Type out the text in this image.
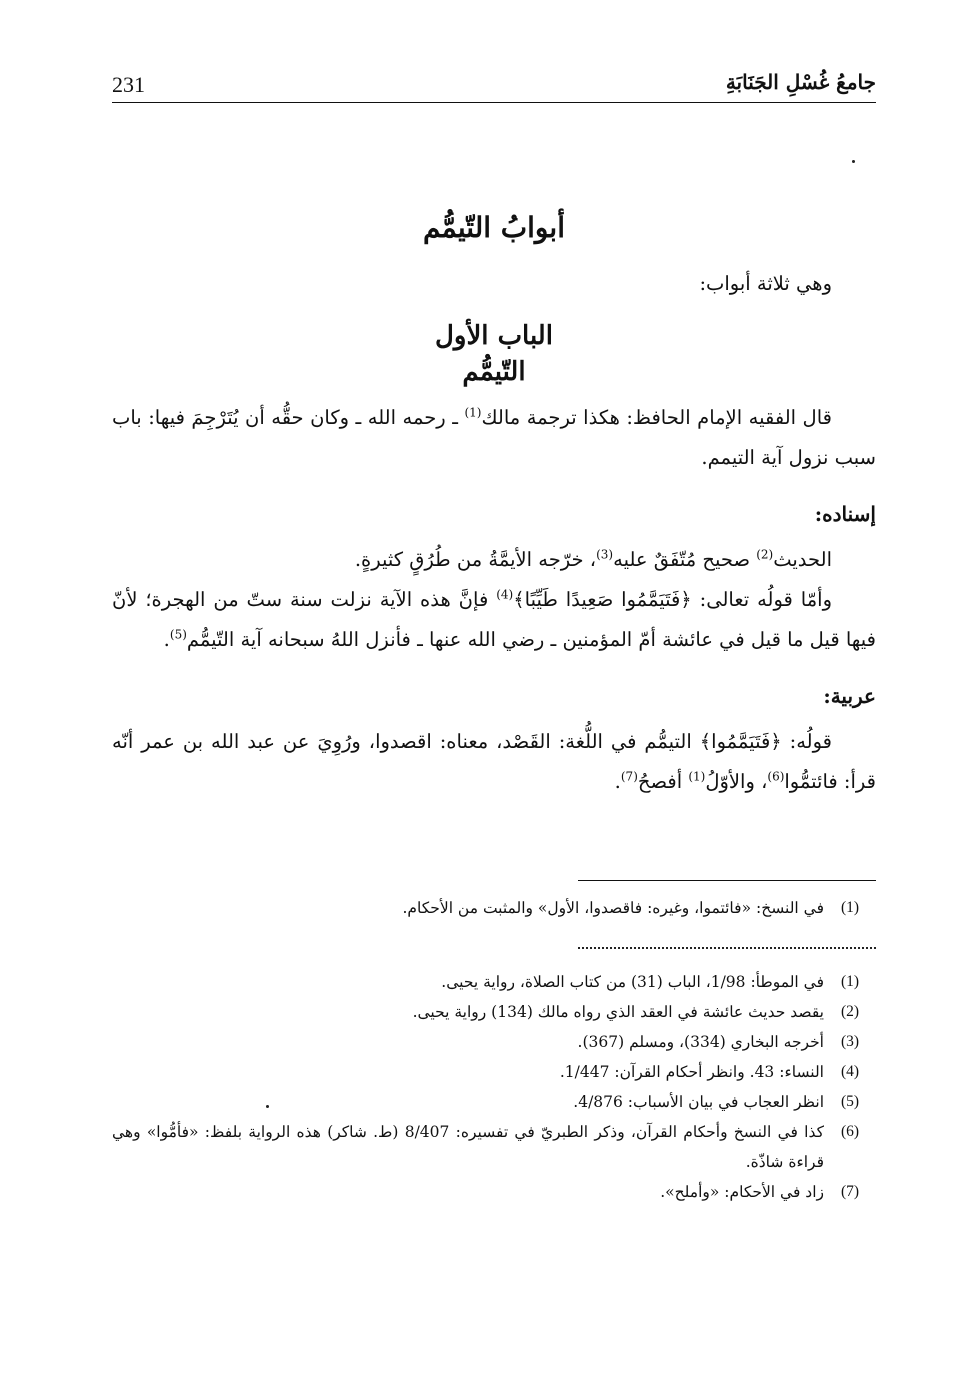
231	جامعُ غُسْلِ الجَنَابَةِ
أبوابُ التّيمُّم

وهي ثلاثة أبواب:

الباب الأول
التّيمُّم

قال الفقيه الإمام الحافظ: هكذا ترجمة مالك$^{(1)}$ ـ رحمه الله ـ وكان حقُّه أن يُتَرْجِمَ فيها: باب سبب نزول آية التيمم.

إسناده:

الحديث$^{(2)}$ صحيح مُتّفَقٌ عليه$^{(3)}$، خرّجه الأيمَّةُ من طُرُقٍ كثيرةٍ.

وأمّا قولُه تعالى: ﴿فَتَيَمَّمُوا صَعِيدًا طَيِّبًا﴾$^{(4)}$ فإنَّ هذه الآية نزلت سنة ستّ من الهجرة؛ لأنّ فيها قيل ما قيل في عائشة أمّ المؤمنين ـ رضي الله عنها ـ فأنزل اللهُ سبحانه آية التّيمُّم$^{(5)}$.

عربية:

قولُه: ﴿فَتَيَمَّمُوا﴾ التيمُّم في اللُّغة: القَصْد، معناه: اقصدوا، ورُوِيَ عن عبد الله بن عمر أنّه قرأ: فائتمُّوا$^{(6)}$، والأوّلُ$^{(1)}$ أفصحُ$^{(7)}$.

(1)
في النسخ: «فائتموا، وغيره: فاقصدوا، الأول» والمثبت من الأحكام.
(1)
في الموطأ: 1/98، الباب (31) من كتاب الصلاة، رواية يحيى.
(2)
يقصد حديث عائشة في العقد الذي رواه مالك (134) رواية يحيى.
(3)
أخرجه البخاري (334)، ومسلم (367).
(4)
النساء: 43. وانظر أحكام القرآن: 1/447.
(5)
انظر العجاب في بيان الأسباب: 4/876.
(6)
كذا في النسخ وأحكام القرآن، وذكر الطبريّ في تفسيره: 8/407 (ط. شاكر) هذه الرواية بلفظ: «فأمُّوا» وهي قراءة شاذّة.
(7)
زاد في الأحكام: «وأملح».
